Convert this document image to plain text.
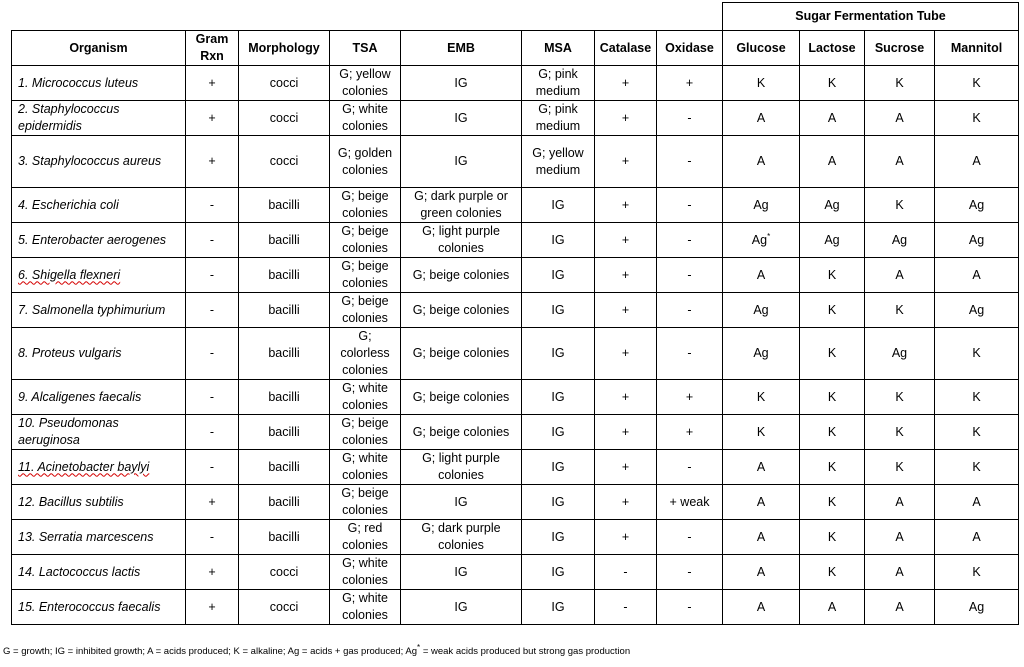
								Sugar Fermentation Tube			
Organism	Gram Rxn	Morphology	TSA	EMB	MSA	Catalase	Oxidase	Glucose	Lactose	Sucrose	Mannitol
1. Micrococcus luteus	+	cocci	G; yellow colonies	IG	G; pink medium	+	+	K	K	K	K
2. Staphylococcus epidermidis	+	cocci	G; white colonies	IG	G; pink medium	+	-	A	A	A	K
3. Staphylococcus aureus	+	cocci	G; golden colonies	IG	G; yellow medium	+	-	A	A	A	A
4. Escherichia coli	-	bacilli	G; beige colonies	G; dark purple or green colonies	IG	+	-	Ag	Ag	K	Ag
5. Enterobacter aerogenes	-	bacilli	G; beige colonies	G; light purple colonies	IG	+	-	Ag*	Ag	Ag	Ag
6. Shigella flexneri	-	bacilli	G; beige colonies	G; beige colonies	IG	+	-	A	K	A	A
7. Salmonella typhimurium	-	bacilli	G; beige colonies	G; beige colonies	IG	+	-	Ag	K	K	Ag
8. Proteus vulgaris	-	bacilli	G; colorless colonies	G; beige colonies	IG	+	-	Ag	K	Ag	K
9. Alcaligenes faecalis	-	bacilli	G; white colonies	G; beige colonies	IG	+	+	K	K	K	K
10. Pseudomonas aeruginosa	-	bacilli	G; beige colonies	G; beige colonies	IG	+	+	K	K	K	K
11. Acinetobacter baylyi	-	bacilli	G; white colonies	G; light purple colonies	IG	+	-	A	K	K	K
12. Bacillus subtilis	+	bacilli	G; beige colonies	IG	IG	+	+ weak	A	K	A	A
13. Serratia marcescens	-	bacilli	G; red colonies	G; dark purple colonies	IG	+	-	A	K	A	A
14. Lactococcus lactis	+	cocci	G; white colonies	IG	IG	-	-	A	K	A	K
15. Enterococcus faecalis	+	cocci	G; white colonies	IG	IG	-	-	A	A	A	Ag
G = growth; IG = inhibited growth; A = acids produced; K = alkaline; Ag = acids + gas produced; Ag* = weak acids produced but strong gas production
